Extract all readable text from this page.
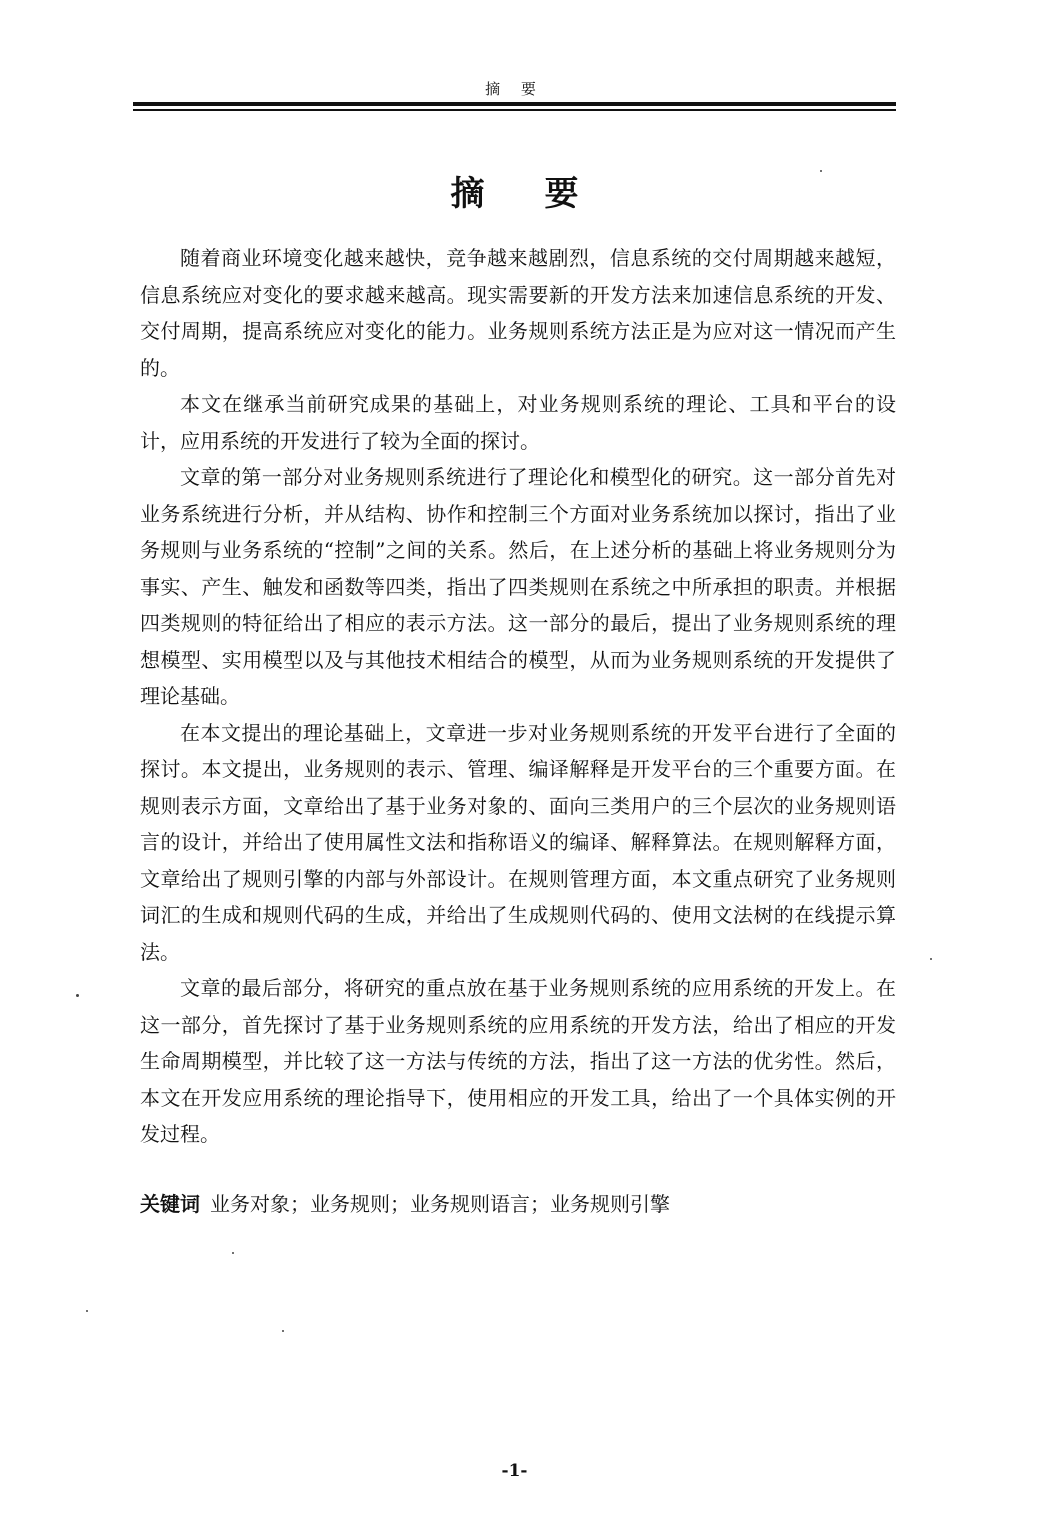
摘 要
摘要

随着商业环境变化越来越快，竞争越来越剧烈，信息系统的交付周期越来越短，信息系统应对变化的要求越来越高。现实需要新的开发方法来加速信息系统的开发、交付周期，提高系统应对变化的能力。业务规则系统方法正是为应对这一情况而产生的。

本文在继承当前研究成果的基础上，对业务规则系统的理论、工具和平台的设计，应用系统的开发进行了较为全面的探讨。

文章的第一部分对业务规则系统进行了理论化和模型化的研究。这一部分首先对业务系统进行分析，并从结构、协作和控制三个方面对业务系统加以探讨，指出了业务规则与业务系统的“控制”之间的关系。然后，在上述分析的基础上将业务规则分为事实、产生、触发和函数等四类，指出了四类规则在系统之中所承担的职责。并根据四类规则的特征给出了相应的表示方法。这一部分的最后，提出了业务规则系统的理想模型、实用模型以及与其他技术相结合的模型，从而为业务规则系统的开发提供了理论基础。

在本文提出的理论基础上，文章进一步对业务规则系统的开发平台进行了全面的探讨。本文提出，业务规则的表示、管理、编译解释是开发平台的三个重要方面。在规则表示方面，文章给出了基于业务对象的、面向三类用户的三个层次的业务规则语言的设计，并给出了使用属性文法和指称语义的编译、解释算法。在规则解释方面，文章给出了规则引擎的内部与外部设计。在规则管理方面，本文重点研究了业务规则词汇的生成和规则代码的生成，并给出了生成规则代码的、使用文法树的在线提示算法。

文章的最后部分，将研究的重点放在基于业务规则系统的应用系统的开发上。在这一部分，首先探讨了基于业务规则系统的应用系统的开发方法，给出了相应的开发生命周期模型，并比较了这一方法与传统的方法，指出了这一方法的优劣性。然后，本文在开发应用系统的理论指导下，使用相应的开发工具，给出了一个具体实例的开发过程。

关键词 业务对象；业务规则；业务规则语言；业务规则引擎
-1-
